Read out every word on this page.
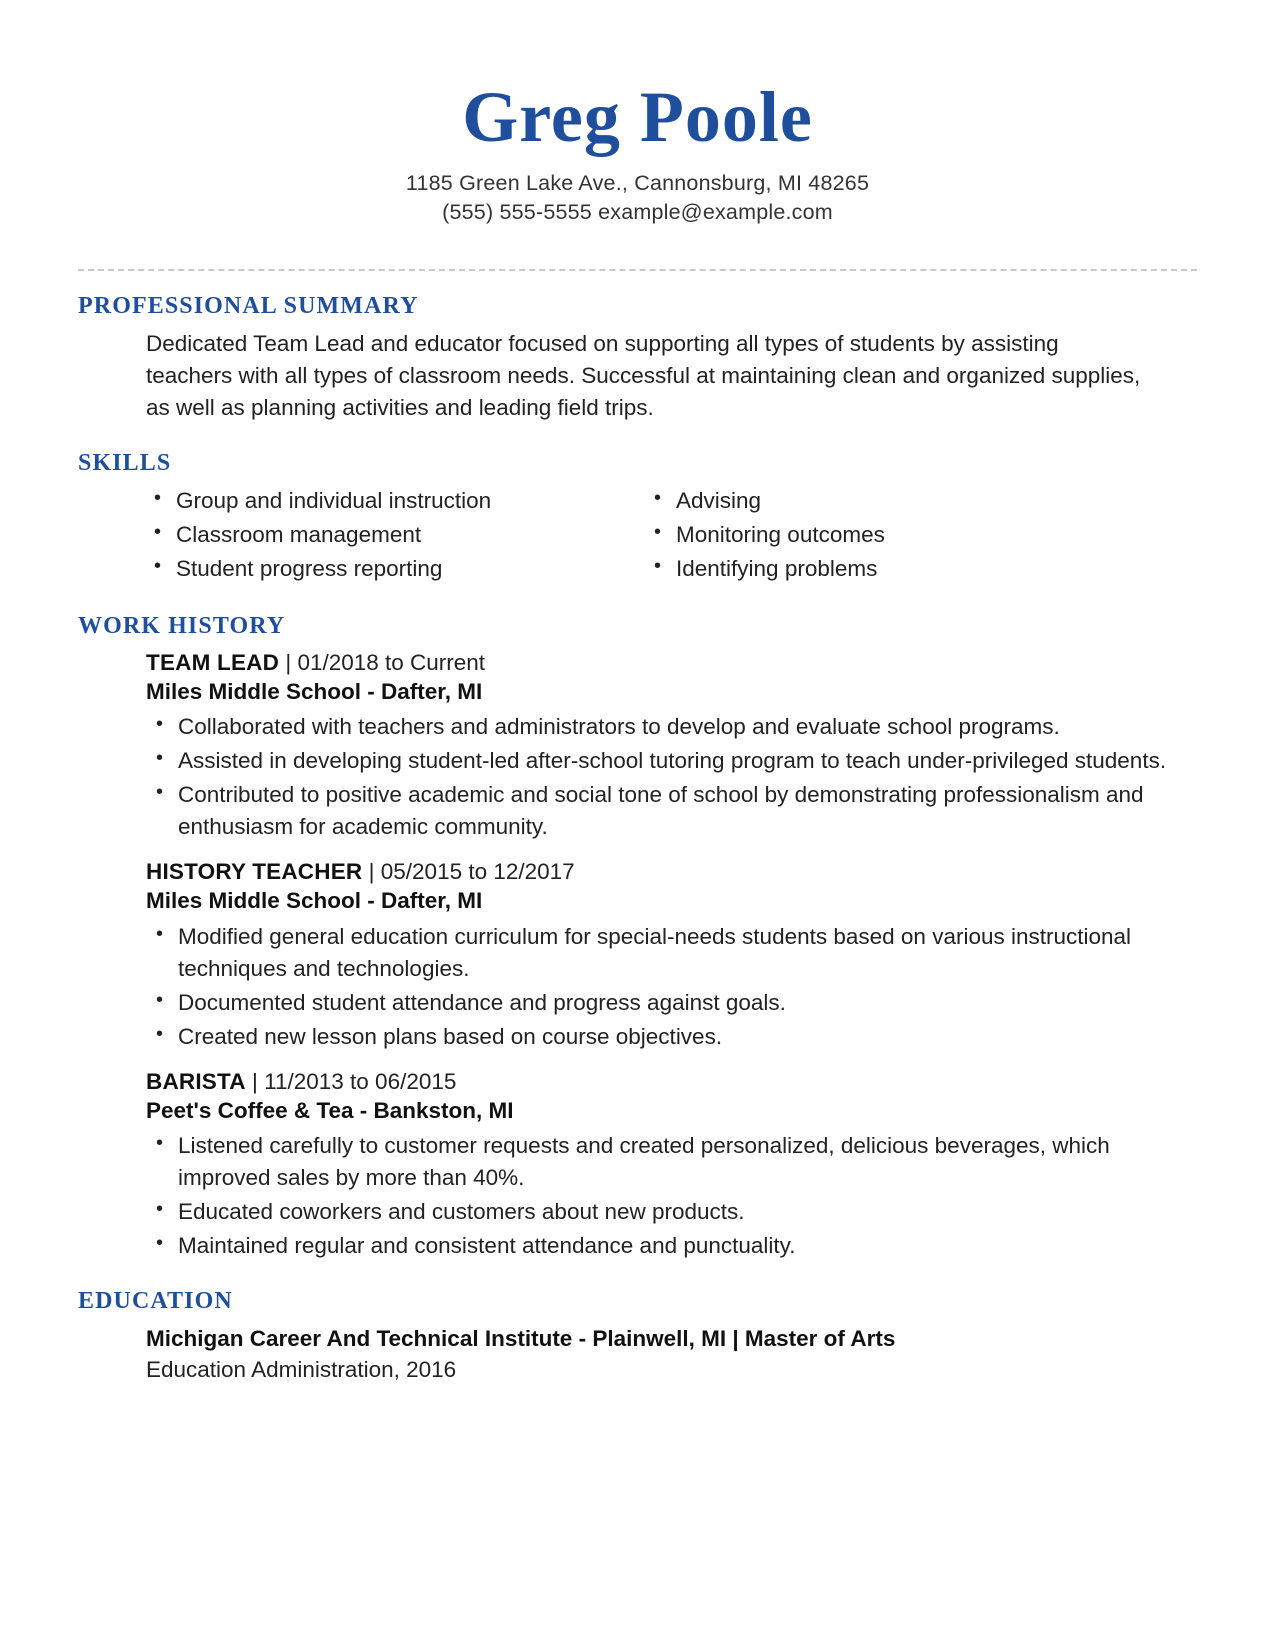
Greg Poole
1185 Green Lake Ave., Cannonsburg, MI 48265
(555) 555-5555 example@example.com
PROFESSIONAL SUMMARY
Dedicated Team Lead and educator focused on supporting all types of students by assisting teachers with all types of classroom needs. Successful at maintaining clean and organized supplies, as well as planning activities and leading field trips.
SKILLS
• Group and individual instruction
• Classroom management
• Student progress reporting
• Advising
• Monitoring outcomes
• Identifying problems
WORK HISTORY
TEAM LEAD | 01/2018 to Current
Miles Middle School - Dafter, MI
• Collaborated with teachers and administrators to develop and evaluate school programs.
• Assisted in developing student-led after-school tutoring program to teach under-privileged students.
• Contributed to positive academic and social tone of school by demonstrating professionalism and enthusiasm for academic community.
HISTORY TEACHER | 05/2015 to 12/2017
Miles Middle School - Dafter, MI
• Modified general education curriculum for special-needs students based on various instructional techniques and technologies.
• Documented student attendance and progress against goals.
• Created new lesson plans based on course objectives.
BARISTA | 11/2013 to 06/2015
Peet's Coffee & Tea - Bankston, MI
• Listened carefully to customer requests and created personalized, delicious beverages, which improved sales by more than 40%.
• Educated coworkers and customers about new products.
• Maintained regular and consistent attendance and punctuality.
EDUCATION
Michigan Career And Technical Institute - Plainwell, MI | Master of Arts
Education Administration, 2016
